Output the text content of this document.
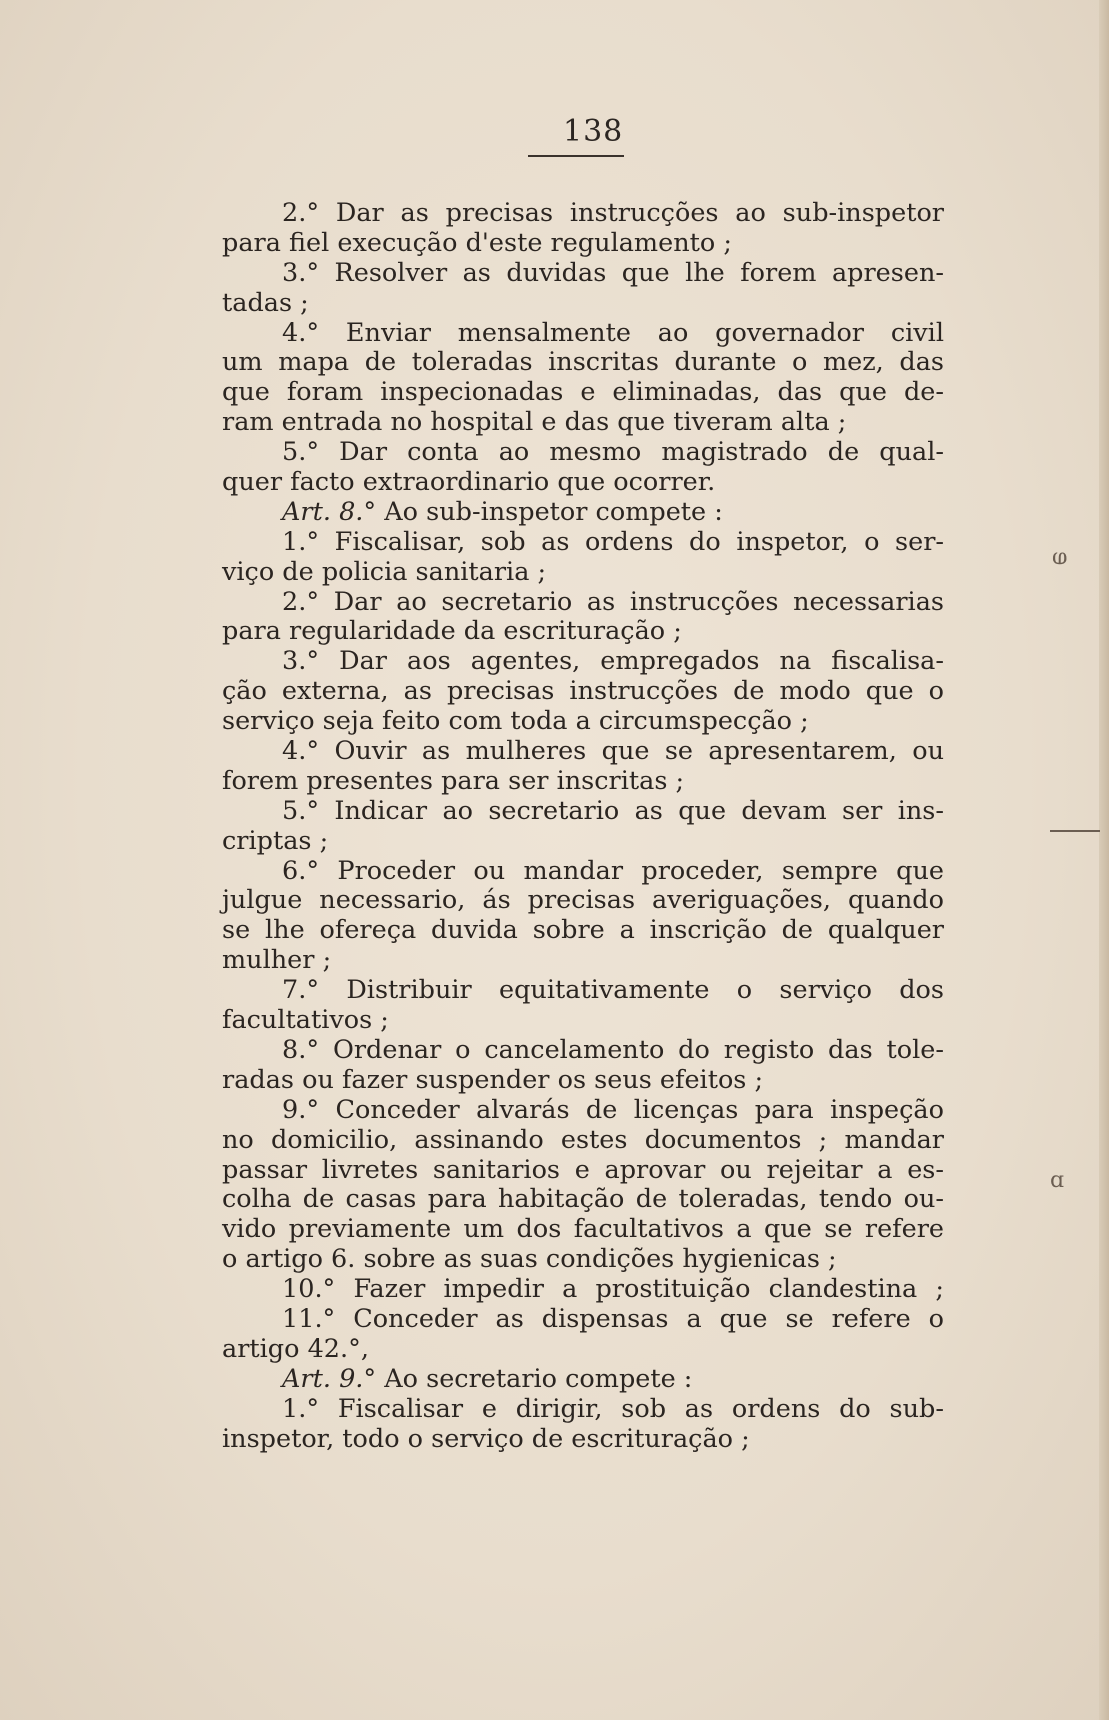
138
2.° Dar as precisas instrucções ao sub-inspetor
para fiel execução d'este regulamento ;
3.° Resolver as duvidas que lhe forem apresen-
tadas ;
4.° Enviar mensalmente ao governador civil
um mapa de toleradas inscritas durante o mez, das
que foram inspecionadas e eliminadas, das que de-
ram entrada no hospital e das que tiveram alta ;
5.° Dar conta ao mesmo magistrado de qual-
quer facto extraordinario que ocorrer.
Art. 8.° Ao sub-inspetor compete :
1.° Fiscalisar, sob as ordens do inspetor, o ser-
viço de policia sanitaria ;
2.° Dar ao secretario as instrucções necessarias
para regularidade da escrituração ;
3.° Dar aos agentes, empregados na fiscalisa-
ção externa, as precisas instrucções de modo que o
serviço seja feito com toda a circumspecção ;
4.° Ouvir as mulheres que se apresentarem, ou
forem presentes para ser inscritas ;
5.° Indicar ao secretario as que devam ser ins-
criptas ;
6.° Proceder ou mandar proceder, sempre que
julgue necessario, ás precisas averiguações, quando
se lhe ofereça duvida sobre a inscrição de qualquer
mulher ;
7.° Distribuir equitativamente o serviço dos
facultativos ;
8.° Ordenar o cancelamento do registo das tole-
radas ou fazer suspender os seus efeitos ;
9.° Conceder alvarás de licenças para inspeção
no domicilio, assinando estes documentos ; mandar
passar livretes sanitarios e aprovar ou rejeitar a es-
colha de casas para habitação de toleradas, tendo ou-
vido previamente um dos facultativos a que se refere
o artigo 6. sobre as suas condições hygienicas ;
10.° Fazer impedir a prostituição clandestina ;
11.° Conceder as dispensas a que se refere o
artigo 42.°,
Art. 9.° Ao secretario compete :
1.° Fiscalisar e dirigir, sob as ordens do sub-
inspetor, todo o serviço de escrituração ;
ⱷ
ɑ
